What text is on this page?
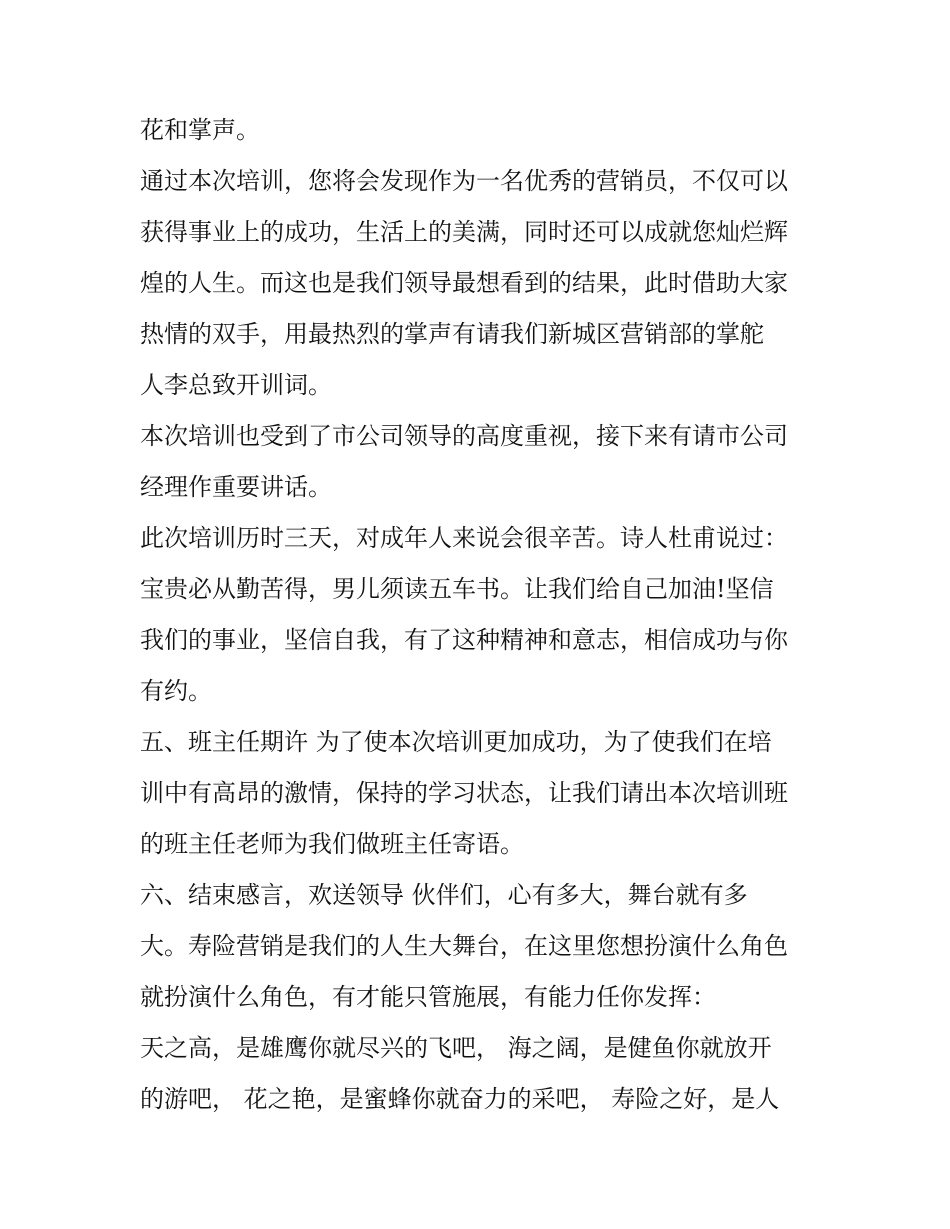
花和掌声。
通过本次培训，您将会发现作为一名优秀的营销员，不仅可以
获得事业上的成功，生活上的美满，同时还可以成就您灿烂辉
煌的人生。而这也是我们领导最想看到的结果，此时借助大家
热情的双手，用最热烈的掌声有请我们新城区营销部的掌舵
人李总致开训词。
本次培训也受到了市公司领导的高度重视，接下来有请市公司
经理作重要讲话。
此次培训历时三天，对成年人来说会很辛苦。诗人杜甫说过：
宝贵必从勤苦得，男儿须读五车书。让我们给自己加油!坚信
我们的事业，坚信自我，有了这种精神和意志，相信成功与你
有约。
五、班主任期许 为了使本次培训更加成功，为了使我们在培
训中有高昂的激情，保持的学习状态，让我们请出本次培训班
的班主任老师为我们做班主任寄语。
六、结束感言，欢送领导 伙伴们，心有多大，舞台就有多
大。寿险营销是我们的人生大舞台，在这里您想扮演什么角色
就扮演什么角色，有才能只管施展，有能力任你发挥：
天之高，是雄鹰你就尽兴的飞吧， 海之阔，是健鱼你就放开
的游吧， 花之艳，是蜜蜂你就奋力的采吧， 寿险之好，是人
